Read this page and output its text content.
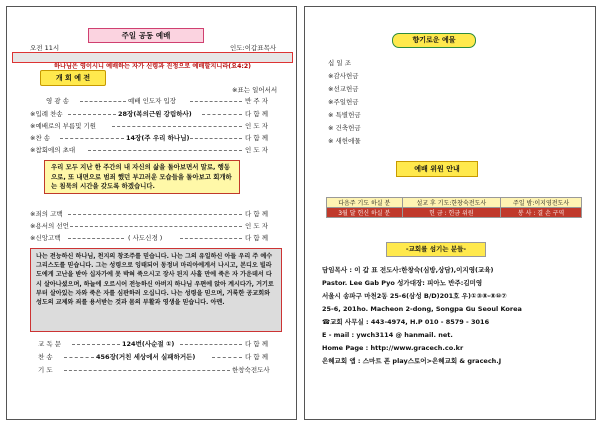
주일 공동 예배
오전 11시	인도:이갑표목사
하나님은 영이시니 예배하는 자가 신령과 진정으로 예배할지니라(요4:2)
개 회 예 전
※표는 일어서서
영 광 송	예배 인도자 입장	반 주 자
※입례 찬송	28장(복의근원 강림하사)	다 함 께
※예배로의 부름및 기원	인 도 자
※찬 송	14장(주 우리 하나님)	다 함 께
※참회에의 초대	인 도 자
우리 모두 지난 한 주간의 내 자신의 삶을 돌아보면서 말로, 행동으로, 또 내면으로 범죄 했던 부끄러운 모습들을 돌아보고 회개하는 침묵의 시간을 갖도록 하겠습니다.
※죄의 고백	다 함 께
※용서의 선언	인 도 자
※신앙고백	( 사도신경 )	다 함 께
나는 전능하신 하나님, 천지의 창조주를 믿습니다. 나는 그의 유일하신 아들 우리 주 예수 그리스도를 믿습니다. 그는 성령으로 잉태되어 동정녀 마리아에게서 나시고, 본디오 빌라도에게 고난을 받아 십자가에 못 박혀 죽으시고 장사 된지 사흘 만에 죽은 자 가운데서 다시 살아나셨으며, 하늘에 오르시어 전능하신 아버지 하나님 우편에 앉아 계시다가, 거기로 부터 살아있는 자와 죽은 자를 심판하러 오십니다. 나는 성령을 믿으며, 거룩한 공교회와 성도의 교제와 죄를 용서받는 것과 몸의 부활과 영생을 믿습니다. 아멘.
교 독 문	124번(사순절 ①)	다 함 께
찬 송	456장(거친 세상에서 실패하거든)	다 함 께
기 도	한창숙전도사
향기로운 예물
십 일 조
※감사헌금
※선교헌금
※주일헌금
※ 특별헌금
※ 건축헌금
※ 새헌에물
예배 위원 안내
다음주 기도 하실 분	설교 후 기도:한창숙전도사	주일 밤:이지영전도사
3월 달 헌신 하실 분	헌 금 : 헌금 위원	봉 사 : 결 손 구역
-교회를 섬기는 분들-
담임목사 : 이 갑 표 전도사:한창숙(심방,상담),이지영(교육)
Pastor. Lee Gab Pyo 성가대장: 피아노 반주:김미영
서울시 송파구 마천2동 25-6(삼성 B/D)201호 우)①③⑧-⑧⑩⑦
25-6, 201ho. Macheon 2-dong, Songpa Gu Seoul Korea
☎교회 사무실 : 443-4974, H.P 010 - 8579 - 3016
E - mail : ywch3114 @ hanmail. net.
Home Page : http://www.gracech.co.kr
은혜교회 앱 : 스마트 폰 play스토어>은혜교회 & gracech.J
